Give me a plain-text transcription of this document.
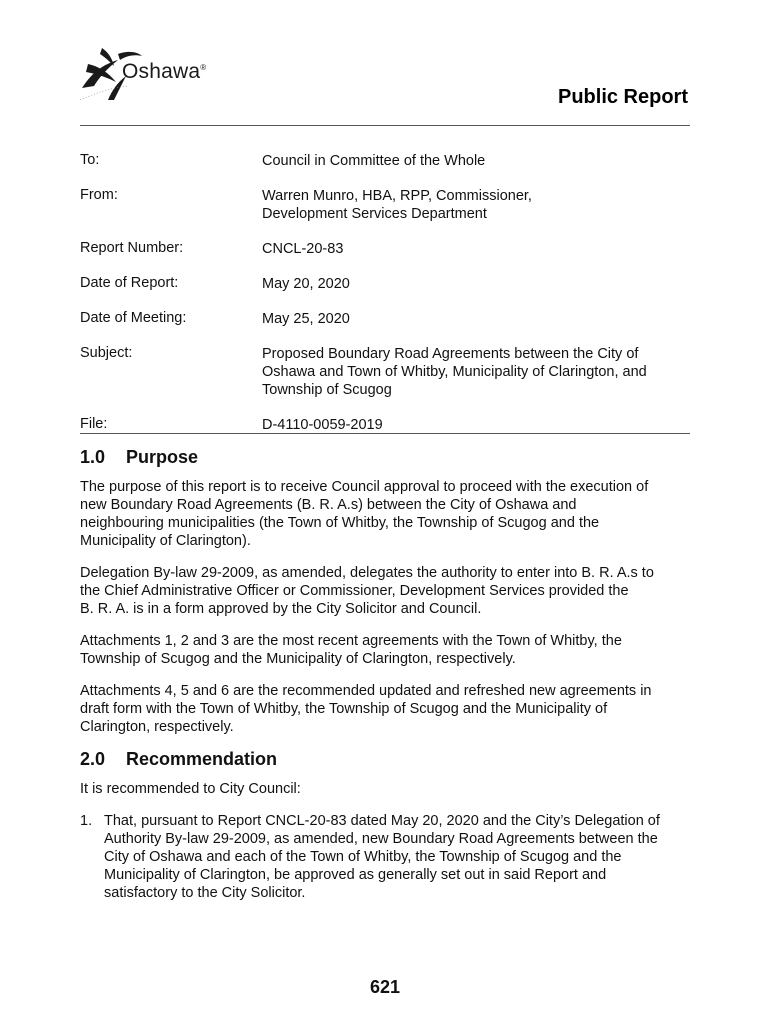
Oshawa®
Public Report
To:	Council in Committee of the Whole
From:	Warren Munro, HBA, RPP, Commissioner,
Development Services Department
Report Number:	CNCL-20-83
Date of Report:	May 20, 2020
Date of Meeting:	May 25, 2020
Subject:	Proposed Boundary Road Agreements between the City of
Oshawa and Town of Whitby, Municipality of Clarington, and
Township of Scugog
File:	D-4110-0059-2019
1.0	Purpose
The purpose of this report is to receive Council approval to proceed with the execution of
new Boundary Road Agreements (B. R. A.s) between the City of Oshawa and
neighbouring municipalities (the Town of Whitby, the Township of Scugog and the
Municipality of Clarington).
Delegation By-law 29-2009, as amended, delegates the authority to enter into B. R. A.s to
the Chief Administrative Officer or Commissioner, Development Services provided the
B. R. A. is in a form approved by the City Solicitor and Council.
Attachments 1, 2 and 3 are the most recent agreements with the Town of Whitby, the
Township of Scugog and the Municipality of Clarington, respectively.
Attachments 4, 5 and 6 are the recommended updated and refreshed new agreements in
draft form with the Town of Whitby, the Township of Scugog and the Municipality of
Clarington, respectively.
2.0	Recommendation
It is recommended to City Council:
1. That, pursuant to Report CNCL-20-83 dated May 20, 2020 and the City’s Delegation of
Authority By-law 29-2009, as amended, new Boundary Road Agreements between the
City of Oshawa and each of the Town of Whitby, the Township of Scugog and the
Municipality of Clarington, be approved as generally set out in said Report and
satisfactory to the City Solicitor.
621
